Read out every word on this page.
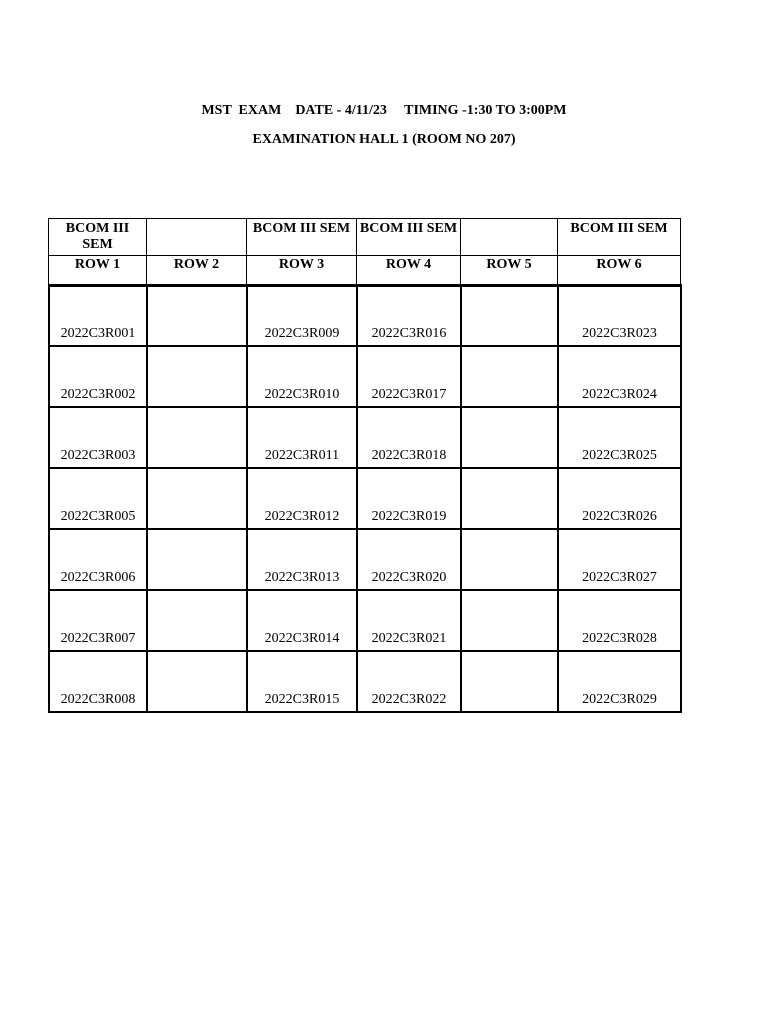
MST  EXAM    DATE - 4/11/23     TIMING -1:30 TO 3:00PM
EXAMINATION HALL 1 (ROOM NO 207)
BCOM III SEM		BCOM III SEM	BCOM III SEM		BCOM III SEM
ROW 1	ROW 2	ROW 3	ROW 4	ROW 5	ROW 6
2022C3R001		2022C3R009	2022C3R016		2022C3R023
2022C3R002		2022C3R010	2022C3R017		2022C3R024
2022C3R003		2022C3R011	2022C3R018		2022C3R025
2022C3R005		2022C3R012	2022C3R019		2022C3R026
2022C3R006		2022C3R013	2022C3R020		2022C3R027
2022C3R007		2022C3R014	2022C3R021		2022C3R028
2022C3R008		2022C3R015	2022C3R022		2022C3R029
